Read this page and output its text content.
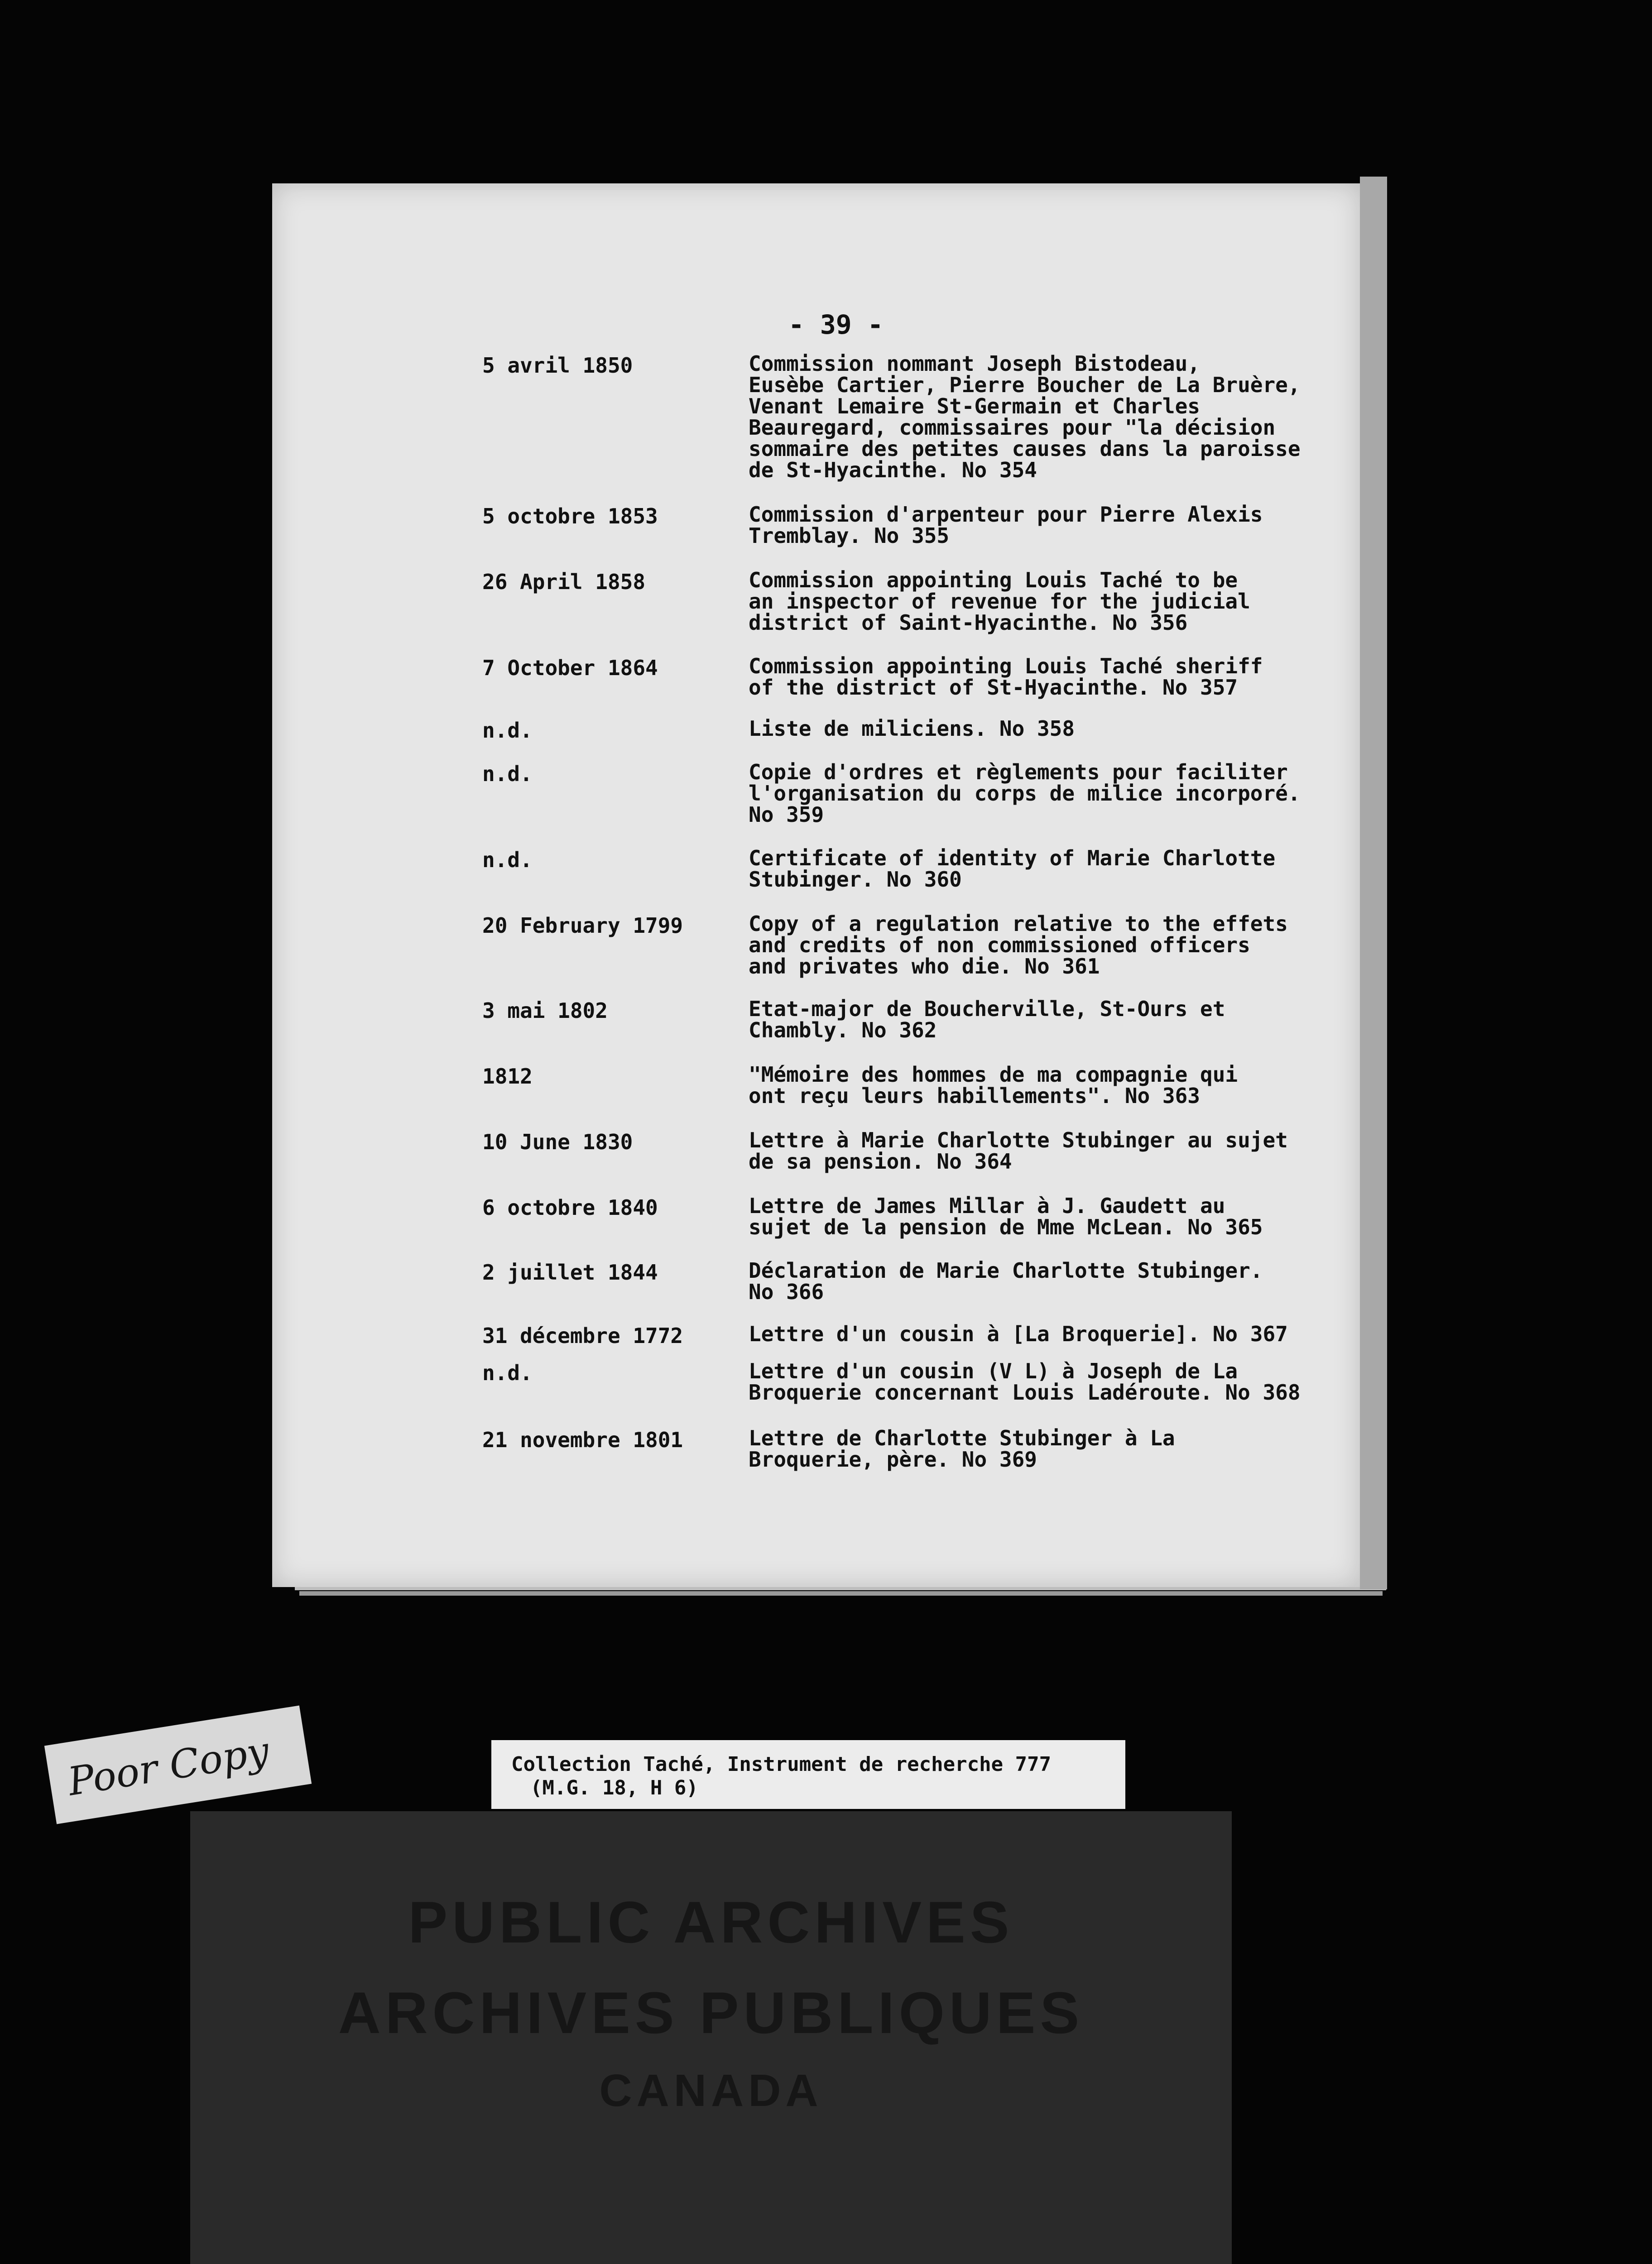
- 39 -
5 avril 1850	Commission nommant Joseph Bistodeau,
Eusèbe Cartier, Pierre Boucher de La Bruère,
Venant Lemaire St-Germain et Charles
Beauregard, commissaires pour "la décision
sommaire des petites causes dans la paroisse
de St-Hyacinthe. No 354
5 octobre 1853	Commission d'arpenteur pour Pierre Alexis
Tremblay. No 355
26 April 1858	Commission appointing Louis Taché to be
an inspector of revenue for the judicial
district of Saint-Hyacinthe. No 356
7 October 1864	Commission appointing Louis Taché sheriff
of the district of St-Hyacinthe. No 357
n.d.	Liste de miliciens. No 358
n.d.	Copie d'ordres et règlements pour faciliter
l'organisation du corps de milice incorporé.
No 359
n.d.	Certificate of identity of Marie Charlotte
Stubinger. No 360
20 February 1799	Copy of a regulation relative to the effets
and credits of non commissioned officers
and privates who die. No 361
3 mai 1802	Etat-major de Boucherville, St-Ours et
Chambly. No 362
1812	"Mémoire des hommes de ma compagnie qui
ont reçu leurs habillements". No 363
10 June 1830	Lettre à Marie Charlotte Stubinger au sujet
de sa pension. No 364
6 octobre 1840	Lettre de James Millar à J. Gaudett au
sujet de la pension de Mme McLean. No 365
2 juillet 1844	Déclaration de Marie Charlotte Stubinger.
No 366
31 décembre 1772	Lettre d'un cousin à [La Broquerie]. No 367
n.d.	Lettre d'un cousin (V L) à Joseph de La
Broquerie concernant Louis Ladéroute. No 368
21 novembre 1801	Lettre de Charlotte Stubinger à La
Broquerie, père. No 369
Poor Copy	Collection Taché, Instrument de recherche 777
(M.G. 18, H 6)
PUBLIC ARCHIVES
ARCHIVES PUBLIQUES
CANADA
